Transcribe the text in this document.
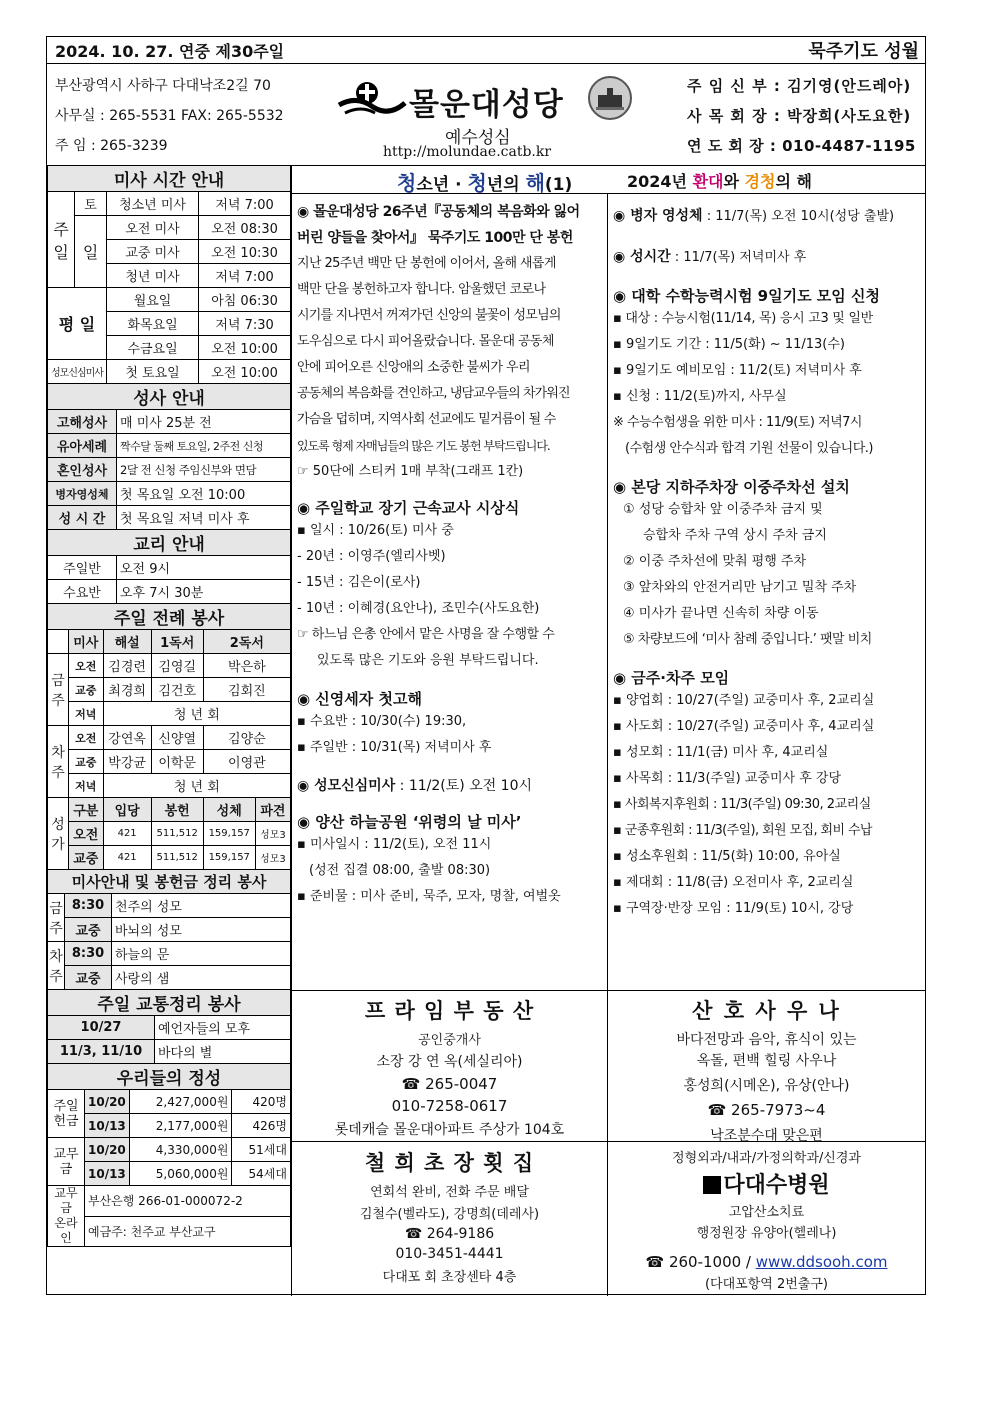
2024. 10. 27. 연중 제30주일	묵주기도 성월
부산광역시 사하구 다대낙조2길 70
사무실 : 265-5531 FAX: 265-5532
주 임 : 265-3239
몰운대성당
예수성심
http://molundae.catb.kr
주 임 신 부 : 김기영(안드레아)
사 목 회 장 : 박장희(사도요한)
연 도 회 장 : 010-4487-1195
청소년 · 청년의 해(1)	2024년 환대와 경청의 해
미사 시간 안내			
주 일	토	청소년 미사	저녁 7:00
	일	오전 미사	오전 08:30
		교중 미사	오전 10:30
		청년 미사	저녁 7:00
평 일		월요일	아침 06:30
		화목요일	저녁 7:30
		수금요일	오전 10:00
성모신심미사		첫 토요일	오전 10:00
성사 안내	
고해성사	매 미사 25분 전
유아세례	짝수달 둘째 토요일, 2주전 신청
혼인성사	2달 전 신청 주임신부와 면담
병자영성체	첫 목요일 오전 10:00
성 시 간	첫 목요일 저녁 미사 후
교리 안내	
주일반	오전 9시
수요반	오후 7시 30분
주일 전례 봉사					
	미사	해설	1독서	2독서	
금주	오전	김경련	김영길	박은하	
	교중	최경희	김건호	김회진	
	저녁	청 년 회			
차주	오전	강연옥	신양열	김양순	
	교중	박강균	이학문	이영관	
	저녁	청 년 회			
성가	구분	입당	봉헌	성체	파견
	오전	421	511,512	159,157	성모3
	교중	421	511,512	159,157	성모3
미사안내 및 봉헌금 정리 봉사		
금주	8:30	천주의 성모
	교중	바뇌의 성모
차주	8:30	하늘의 문
	교중	사랑의 샘
주일 교통정리 봉사	
10/27	예언자들의 모후
11/3, 11/10	바다의 별
우리들의 정성			
주일
헌금	10/20	2,427,000원	420명
	10/13	2,177,000원	426명
교무
금	10/20	4,330,000원	51세대
	10/13	5,060,000원	54세대
교무금
온라인	부산은행 266-01-000072-2		
	예금주: 천주교 부산교구		
◉ 몰운대성당 26주년『공동체의 복음화와 잃어
버린 양들을 찾아서』 묵주기도 100만 단 봉헌
지난 25주년 백만 단 봉헌에 이어서, 올해 새롭게
백만 단을 봉헌하고자 합니다. 암울했던 코로나
시기를 지나면서 꺼져가던 신앙의 불꽃이 성모님의
도우심으로 다시 피어올랐습니다. 몰운대 공동체
안에 피어오른 신앙애의 소중한 불씨가 우리
공동체의 복음화를 견인하고, 냉담교우들의 차가워진
가슴을 덥히며, 지역사회 선교에도 밑거름이 될 수
있도록 형제 자매님들의 많은 기도 봉헌 부탁드립니다.
☞ 50단에 스티커 1매 부착(그래프 1칸)
◉ 주일학교 장기 근속교사 시상식
▪ 일시 : 10/26(토) 미사 중
- 20년 : 이영주(엘리사벳)
- 15년 : 김은이(로사)
- 10년 : 이혜경(요안나), 조민수(사도요한)
☞ 하느님 은총 안에서 맡은 사명을 잘 수행할 수
있도록 많은 기도와 응원 부탁드립니다.
◉ 신영세자 첫고해
▪ 수요반 : 10/30(수) 19:30,
▪ 주일반 : 10/31(목) 저녁미사 후
◉ 성모신심미사 : 11/2(토) 오전 10시
◉ 양산 하늘공원 ‘위령의 날 미사’
▪ 미사일시 : 11/2(토), 오전 11시
(성전 집결 08:00, 출발 08:30)
▪ 준비물 : 미사 준비, 묵주, 모자, 명찰, 여벌옷
◉ 병자 영성체 : 11/7(목) 오전 10시(성당 출발)
◉ 성시간 : 11/7(목) 저녁미사 후
◉ 대학 수학능력시험 9일기도 모임 신청
▪ 대상 : 수능시험(11/14, 목) 응시 고3 및 일반
▪ 9일기도 기간 : 11/5(화) ~ 11/13(수)
▪ 9일기도 예비모임 : 11/2(토) 저녁미사 후
▪ 신청 : 11/2(토)까지, 사무실
※ 수능수험생을 위한 미사 : 11/9(토) 저녁7시
(수험생 안수식과 합격 기원 선물이 있습니다.)
◉ 본당 지하주차장 이중주차선 설치
① 성당 승합차 앞 이중주차 금지 및
승합차 주차 구역 상시 주차 금지
② 이중 주차선에 맞춰 평행 주차
③ 앞차와의 안전거리만 남기고 밀착 주차
④ 미사가 끝나면 신속히 차량 이동
⑤ 차량보드에 ‘미사 참례 중입니다.’ 팻말 비치
◉ 금주·차주 모임
▪ 양업회 : 10/27(주일) 교중미사 후, 2교리실
▪ 사도회 : 10/27(주일) 교중미사 후, 4교리실
▪ 성모회 : 11/1(금) 미사 후, 4교리실
▪ 사목회 : 11/3(주일) 교중미사 후 강당
▪ 사회복지후원회 : 11/3(주일) 09:30, 2교리실
▪ 군종후원회 : 11/3(주일), 회원 모집, 회비 수납
▪ 성소후원회 : 11/5(화) 10:00, 유아실
▪ 제대회 : 11/8(금) 오전미사 후, 2교리실
▪ 구역장·반장 모임 : 11/9(토) 10시, 강당
프 라 임 부 동 산
공인중개사
소장 강 연 옥(세실리아)
☎ 265-0047
010-7258-0617
롯데캐슬 몰운대아파트 주상가 104호
산 호 사 우 나
바다전망과 음악, 휴식이 있는
옥돌, 편백 힐링 사우나
홍성희(시메온), 유상(안나)
☎ 265-7973~4
낙조분수대 맞은편
철 희 초 장 횟 집
연회석 완비, 전화 주문 배달
김철수(벨라도), 강명희(데레사)
☎ 264-9186
010-3451-4441
다대포 회 초장센타 4층
정형외과/내과/가정의학과/신경과
다대수병원
고압산소치료
행정원장 유양아(헬레나)
☎ 260-1000 / www.ddsooh.com
(다대포항역 2번출구)
